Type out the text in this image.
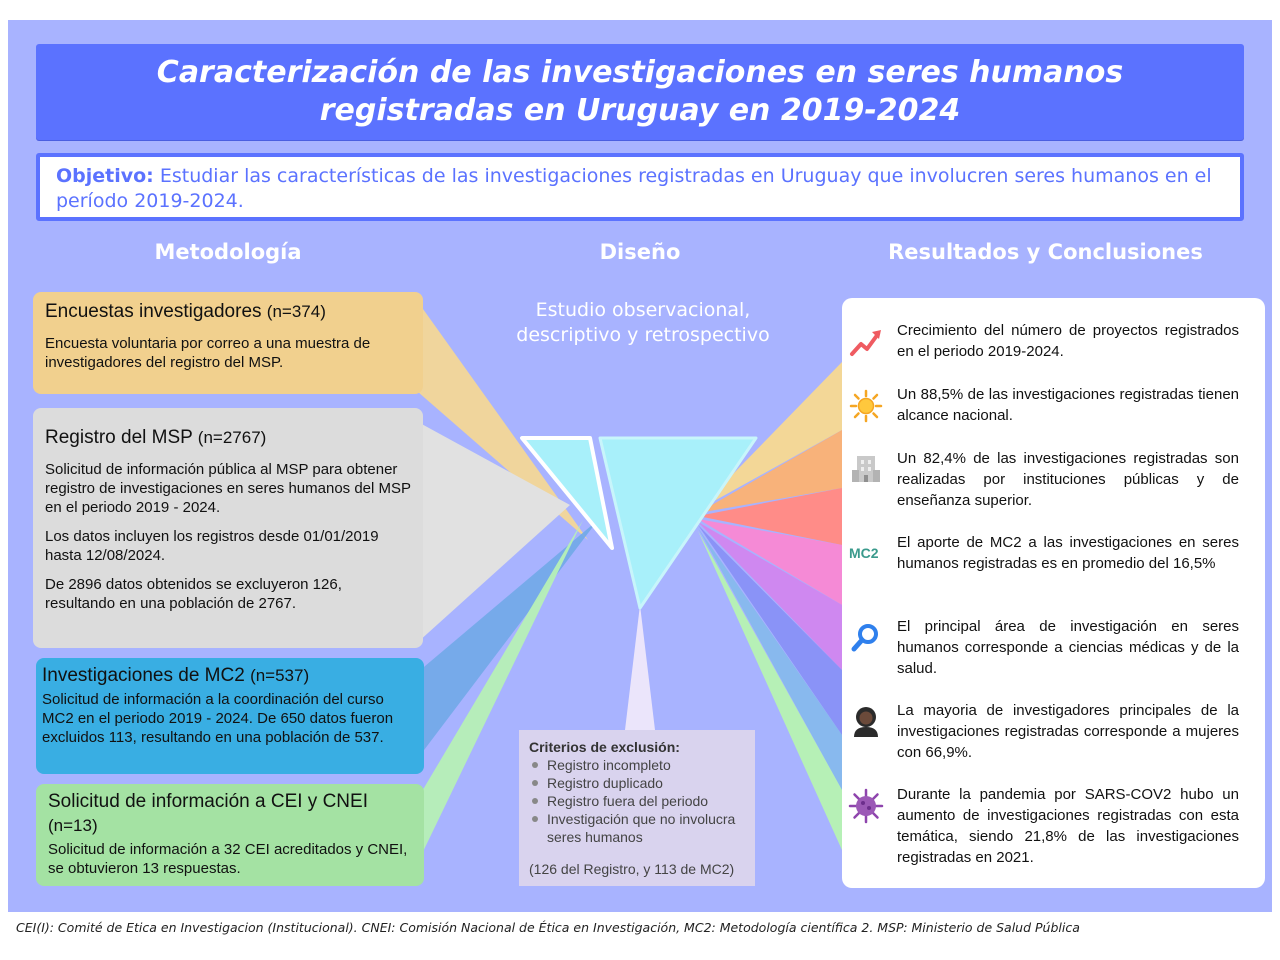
Caracterización de las investigaciones en seres humanos
registradas en Uruguay en 2019-2024
Objetivo: Estudiar las características de las investigaciones registradas en Uruguay que involucren seres humanos en el período 2019-2024.
Metodología	Diseño	Resultados y Conclusiones
Encuestas investigadores (n=374)

Encuesta voluntaria por correo a una muestra de investigadores del registro del MSP.

Registro del MSP (n=2767)

Solicitud de información pública al MSP para obtener registro de investigaciones en seres humanos del MSP en el periodo 2019 - 2024.

Los datos incluyen los registros desde 01/01/2019 hasta 12/08/2024.

De 2896 datos obtenidos se excluyeron 126, resultando en una población de 2767.

Investigaciones de MC2 (n=537)

Solicitud de información a la coordinación del curso MC2 en el periodo 2019 - 2024. De 650 datos fueron excluidos 113, resultando en una población de 537.

Solicitud de información a CEI y CNEI (n=13)

Solicitud de información a 32 CEI acreditados y CNEI, se obtuvieron 13 respuestas.

Estudio observacional, descriptivo y retrospectivo
Criterios de exclusión:
Registro incompleto
Registro duplicado
Registro fuera del periodo
Investigación que no involucra seres humanos
(126 del Registro, y 113 de MC2)
Crecimiento del número de proyectos registrados en el periodo 2019-2024.
Un 88,5% de las investigaciones registradas tienen alcance nacional.
Un 82,4% de las investigaciones registradas son realizadas por instituciones públicas y de enseñanza superior.
MC2
El aporte de MC2 a las investigaciones en seres humanos registradas es en promedio del 16,5%
El principal área de investigación en seres humanos corresponde a ciencias médicas y de la salud.
La mayoria de investigadores principales de la investigaciones registradas corresponde a mujeres con 66,9%.
Durante la pandemia por SARS-COV2 hubo un aumento de investigaciones registradas con esta temática, siendo 21,8% de las investigaciones registradas en 2021.
CEI(I): Comité de Etica en Investigacion (Institucional). CNEI: Comisión Nacional de Ética en Investigación, MC2: Metodología científica 2. MSP: Ministerio de Salud Pública
